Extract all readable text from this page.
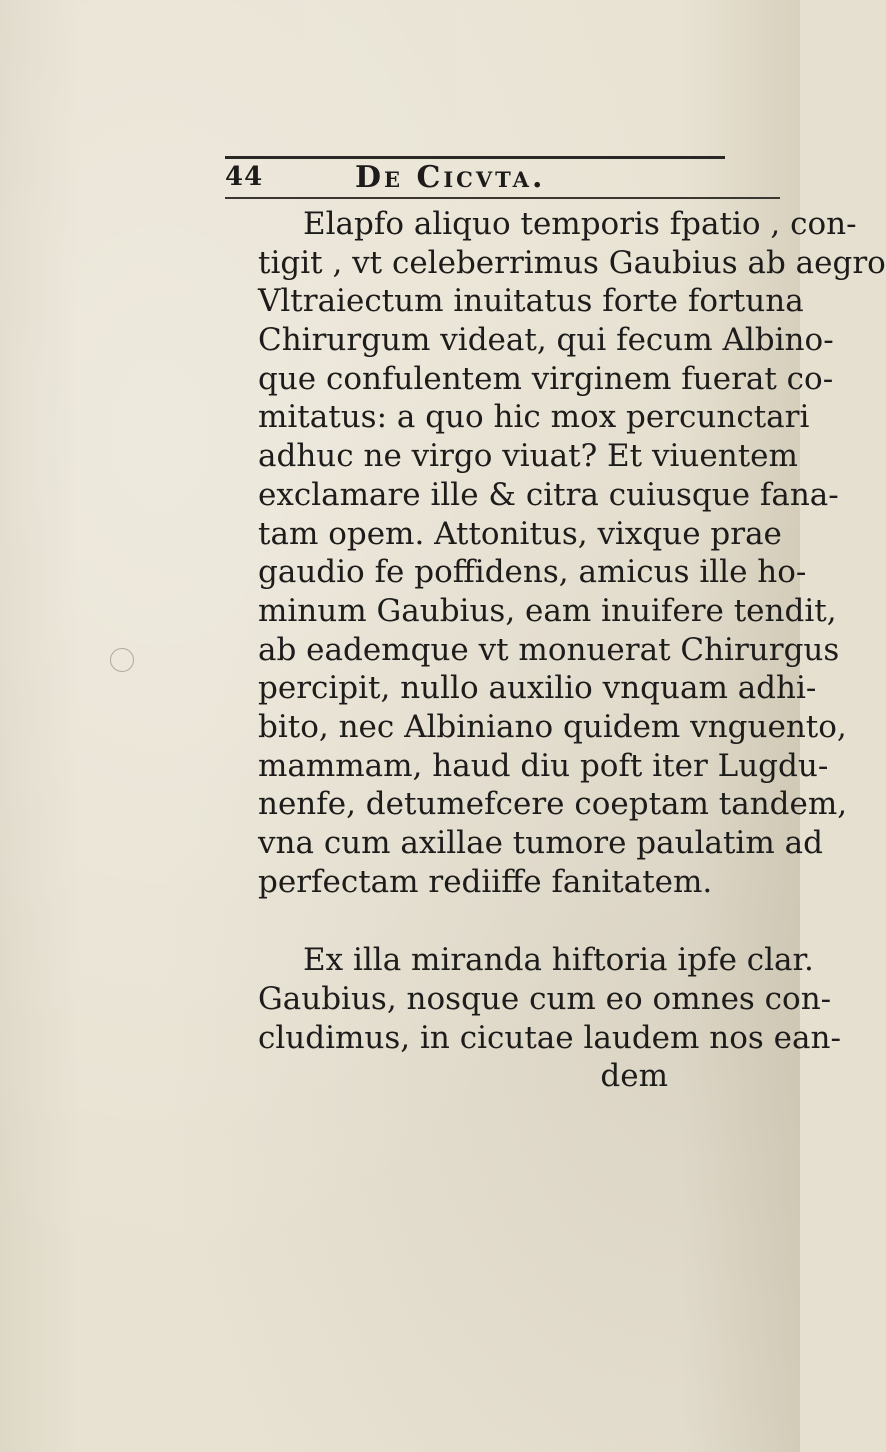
44	De Cicvta.
Elapfo aliquo temporis fpatio , con-
tigit , vt celeberrimus Gaubius ab aegro
Vltraiectum inuitatus forte fortuna
Chirurgum videat, qui fecum Albino-
que confulentem virginem fuerat co-
mitatus: a quo hic mox percunctari
adhuc ne virgo viuat? Et viuentem
exclamare ille & citra cuiusque fana-
tam opem. Attonitus, vixque prae
gaudio fe poffidens, amicus ille ho-
minum Gaubius, eam inuifere tendit,
ab eademque vt monuerat Chirurgus
percipit, nullo auxilio vnquam adhi-
bito, nec Albiniano quidem vnguento,
mammam, haud diu poft iter Lugdu-
nenfe, detumefcere coeptam tandem,
vna cum axillae tumore paulatim ad
perfectam rediiffe fanitatem.
Ex illa miranda hiftoria ipfe clar.
Gaubius, nosque cum eo omnes con-
cludimus, in cicutae laudem nos ean-
dem
